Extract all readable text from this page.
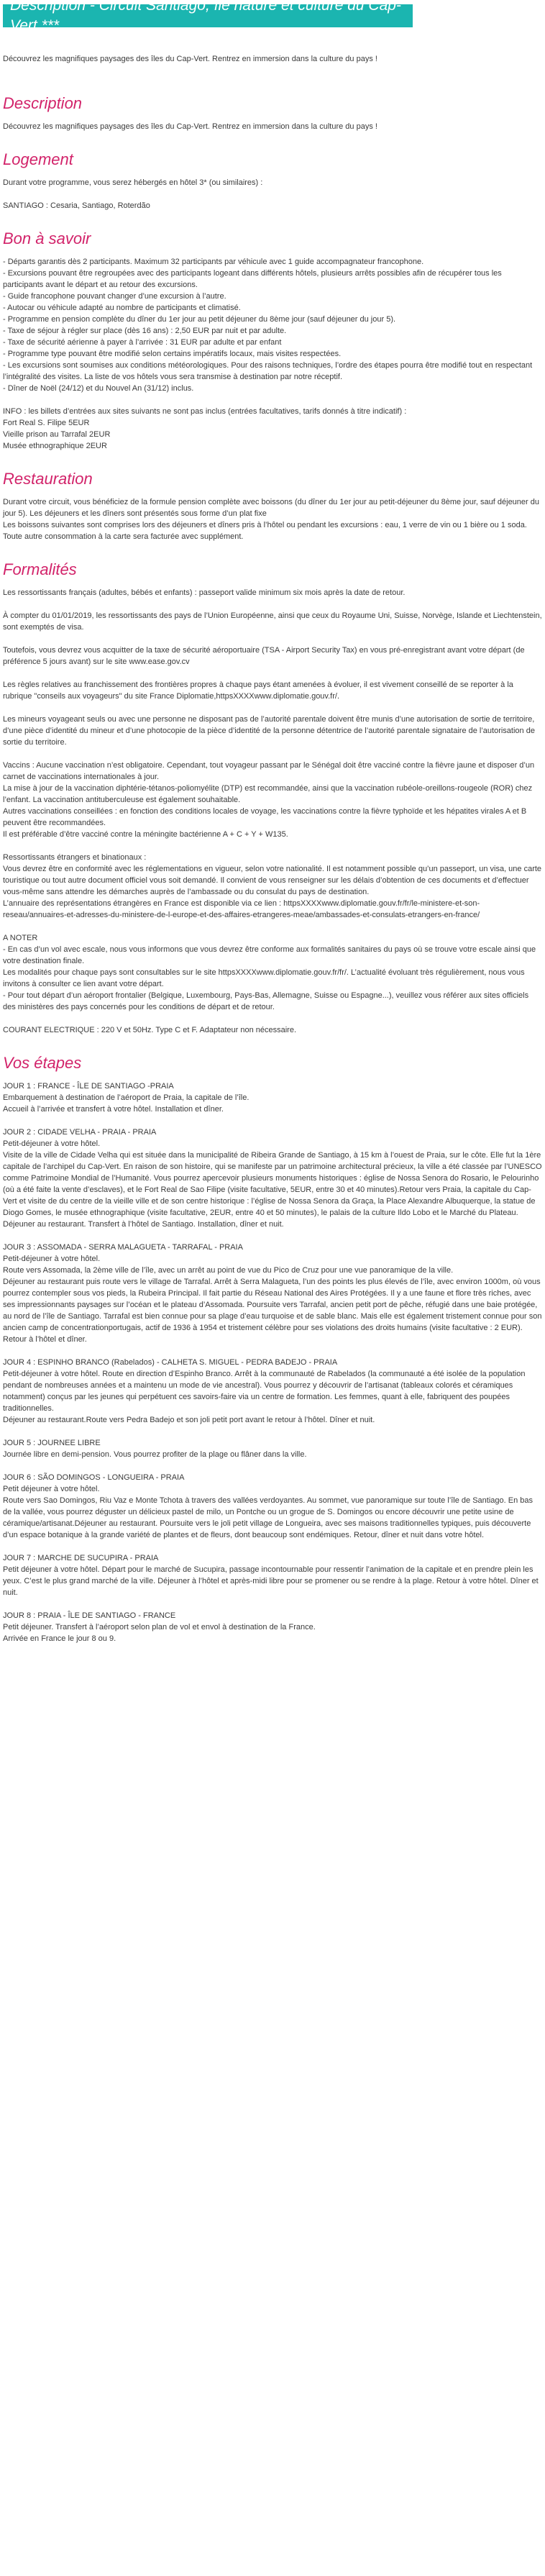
Description - Circuit Santiago, île nature et culture du Cap-Vert ***

Découvrez les magnifiques paysages des îles du Cap-Vert. Rentrez en immersion dans la culture du pays !

Description

Découvrez les magnifiques paysages des îles du Cap-Vert. Rentrez en immersion dans la culture du pays !

Logement

Durant votre programme, vous serez hébergés en hôtel 3* (ou similaires) :

SANTIAGO : Cesaria, Santiago, Roterdão

Bon à savoir

- Départs garantis dès 2 participants. Maximum 32 participants par véhicule avec 1 guide accompagnateur francophone.

- Excursions pouvant être regroupées avec des participants logeant dans différents hôtels, plusieurs arrêts possibles afin de récupérer tous les participants avant le départ et au retour des excursions.

- Guide francophone pouvant changer d’une excursion à l’autre.

- Autocar ou véhicule adapté au nombre de participants et climatisé.

- Programme en pension complète du dîner du 1er jour au petit déjeuner du 8ème jour (sauf déjeuner du jour 5).

- Taxe de séjour à régler sur place (dès 16 ans) : 2,50 EUR par nuit et par adulte.

- Taxe de sécurité aérienne à payer à l’arrivée : 31 EUR par adulte et par enfant

- Programme type pouvant être modifié selon certains impératifs locaux, mais visites respectées.

- Les excursions sont soumises aux conditions météorologiques. Pour des raisons techniques, l’ordre des étapes pourra être modifié tout en respectant l’intégralité des visites. La liste de vos hôtels vous sera transmise à destination par notre réceptif.

- Dîner de Noël (24/12) et du Nouvel An (31/12) inclus.

INFO : les billets d’entrées aux sites suivants ne sont pas inclus (entrées facultatives, tarifs donnés à titre indicatif) :

Fort Real S. Filipe 5EUR

Vieille prison au Tarrafal 2EUR

Musée ethnographique 2EUR

Restauration

Durant votre circuit, vous bénéficiez de la formule pension complète avec boissons (du dîner du 1er jour au petit-déjeuner du 8ème jour, sauf déjeuner du jour 5). Les déjeuners et les dîners sont présentés sous forme d’un plat fixe

Les boissons suivantes sont comprises lors des déjeuners et dîners pris à l’hôtel ou pendant les excursions : eau, 1 verre de vin ou 1 bière ou 1 soda. Toute autre consommation à la carte sera facturée avec supplément.

Formalités

Les ressortissants français (adultes, bébés et enfants) : passeport valide minimum six mois après la date de retour.

À compter du 01/01/2019, les ressortissants des pays de l’Union Européenne, ainsi que ceux du Royaume Uni, Suisse, Norvège, Islande et Liechtenstein, sont exemptés de visa.

Toutefois, vous devrez vous acquitter de la taxe de sécurité aéroportuaire (TSA - Airport Security Tax) en vous pré-enregistrant avant votre départ (de préférence 5 jours avant) sur le site www.ease.gov.cv

Les règles relatives au franchissement des frontières propres à chaque pays étant amenées à évoluer, il est vivement conseillé de se reporter à la rubrique "conseils aux voyageurs" du site France Diplomatie,httpsXXXXwww.diplomatie.gouv.fr/.

Les mineurs voyageant seuls ou avec une personne ne disposant pas de l’autorité parentale doivent être munis d’une autorisation de sortie de territoire, d’une pièce d’identité du mineur et d’une photocopie de la pièce d’identité de la personne détentrice de l’autorité parentale signataire de l’autorisation de sortie du territoire.

Vaccins : Aucune vaccination n’est obligatoire. Cependant, tout voyageur passant par le Sénégal doit être vacciné contre la fièvre jaune et disposer d’un carnet de vaccinations internationales à jour.

La mise à jour de la vaccination diphtérie-tétanos-poliomyélite (DTP) est recommandée, ainsi que la vaccination rubéole-oreillons-rougeole (ROR) chez l’enfant. La vaccination antituberculeuse est également souhaitable.

Autres vaccinations conseillées : en fonction des conditions locales de voyage, les vaccinations contre la fièvre typhoïde et les hépatites virales A et B peuvent être recommandées.

Il est préférable d’être vacciné contre la méningite bactérienne A + C + Y + W135.

Ressortissants étrangers et binationaux :

Vous devrez être en conformité avec les réglementations en vigueur, selon votre nationalité. Il est notamment possible qu’un passeport, un visa, une carte touristique ou tout autre document officiel vous soit demandé. Il convient de vous renseigner sur les délais d’obtention de ces documents et d’effectuer vous-même sans attendre les démarches auprès de l’ambassade ou du consulat du pays de destination.

L’annuaire des représentations étrangères en France est disponible via ce lien : httpsXXXXwww.diplomatie.gouv.fr/fr/le-ministere-et-son-reseau/annuaires-et-adresses-du-ministere-de-l-europe-et-des-affaires-etrangeres-meae/ambassades-et-consulats-etrangers-en-france/

A NOTER

- En cas d’un vol avec escale, nous vous informons que vous devrez être conforme aux formalités sanitaires du pays où se trouve votre escale ainsi que votre destination finale.

Les modalités pour chaque pays sont consultables sur le site httpsXXXXwww.diplomatie.gouv.fr/fr/. L’actualité évoluant très régulièrement, nous vous invitons à consulter ce lien avant votre départ.

- Pour tout départ d’un aéroport frontalier (Belgique, Luxembourg, Pays-Bas, Allemagne, Suisse ou Espagne...), veuillez vous référer aux sites officiels des ministères des pays concernés pour les conditions de départ et de retour.

COURANT ELECTRIQUE : 220 V et 50Hz. Type C et F. Adaptateur non nécessaire.

Vos étapes

JOUR 1 : FRANCE - ÎLE DE SANTIAGO -PRAIA

Embarquement à destination de l’aéroport de Praia, la capitale de l’île.

Accueil à l’arrivée et transfert à votre hôtel. Installation et dîner.

JOUR 2 : CIDADE VELHA - PRAIA - PRAIA

Petit-déjeuner à votre hôtel.

Visite de la ville de Cidade Velha qui est située dans la municipalité de Ribeira Grande de Santiago, à 15 km à l’ouest de Praia, sur le côte. Elle fut la 1ère capitale de l’archipel du Cap-Vert. En raison de son histoire, qui se manifeste par un patrimoine architectural précieux, la ville a été classée par l’UNESCO comme Patrimoine Mondial de l’Humanité. Vous pourrez apercevoir plusieurs monuments historiques : église de Nossa Senora do Rosario, le Pelourinho (où a été faite la vente d’esclaves), et le Fort Real de Sao Filipe (visite facultative, 5EUR, entre 30 et 40 minutes).Retour vers Praia, la capitale du Cap-Vert et visite de du centre de la vieille ville et de son centre historique : l’église de Nossa Senora da Graça, la Place Alexandre Albuquerque, la statue de Diogo Gomes, le musée ethnographique (visite facultative, 2EUR, entre 40 et 50 minutes), le palais de la culture Ildo Lobo et le Marché du Plateau.

Déjeuner au restaurant. Transfert à l’hôtel de Santiago. Installation, dîner et nuit.

JOUR 3 : ASSOMADA - SERRA MALAGUETA - TARRAFAL - PRAIA

Petit-déjeuner à votre hôtel.

Route vers Assomada, la 2ème ville de l’île, avec un arrêt au point de vue du Pico de Cruz pour une vue panoramique de la ville.

Déjeuner au restaurant puis route vers le village de Tarrafal. Arrêt à Serra Malagueta, l’un des points les plus élevés de l’île, avec environ 1000m, où vous pourrez contempler sous vos pieds, la Rubeira Principal. Il fait partie du Réseau National des Aires Protégées. Il y a une faune et flore très riches, avec ses impressionnants paysages sur l’océan et le plateau d’Assomada. Poursuite vers Tarrafal, ancien petit port de pêche, réfugié dans une baie protégée, au nord de l’île de Santiago. Tarrafal est bien connue pour sa plage d’eau turquoise et de sable blanc. Mais elle est également tristement connue pour son ancien camp de concentrationportugais, actif de 1936 à 1954 et tristement célèbre pour ses violations des droits humains (visite facultative : 2 EUR). Retour à l’hôtel et dîner.

JOUR 4 : ESPINHO BRANCO (Rabelados) - CALHETA S. MIGUEL - PEDRA BADEJO - PRAIA

Petit-déjeuner à votre hôtel. Route en direction d’Espinho Branco. Arrêt à la communauté de Rabelados (la communauté a été isolée de la population pendant de nombreuses années et a maintenu un mode de vie ancestral). Vous pourrez y découvrir de l’artisanat (tableaux colorés et céramiques notamment) conçus par les jeunes qui perpétuent ces savoirs-faire via un centre de formation. Les femmes, quant à elle, fabriquent des poupées traditionnelles.

Déjeuner au restaurant.Route vers Pedra Badejo et son joli petit port avant le retour à l’hôtel. Dîner et nuit.

JOUR 5 : JOURNEE LIBRE

Journée libre en demi-pension. Vous pourrez profiter de la plage ou flâner dans la ville.

JOUR 6 : SÃO DOMINGOS - LONGUEIRA - PRAIA

Petit déjeuner à votre hôtel.

Route vers Sao Domingos, Riu Vaz e Monte Tchota à travers des vallées verdoyantes. Au sommet, vue panoramique sur toute l’île de Santiago. En bas de la vallée, vous pourrez déguster un délicieux pastel de milo, un Pontche ou un grogue de S. Domingos ou encore découvrir une petite usine de céramique/artisanat.Déjeuner au restaurant. Poursuite vers le joli petit village de Longueira, avec ses maisons traditionnelles typiques, puis découverte d’un espace botanique à la grande variété de plantes et de fleurs, dont beaucoup sont endémiques. Retour, dîner et nuit dans votre hôtel.

JOUR 7 : MARCHE DE SUCUPIRA - PRAIA

Petit déjeuner à votre hôtel. Départ pour le marché de Sucupira, passage incontournable pour ressentir l’animation de la capitale et en prendre plein les yeux. C’est le plus grand marché de la ville. Déjeuner à l’hôtel et après-midi libre pour se promener ou se rendre à la plage. Retour à votre hôtel. Dîner et nuit.

JOUR 8 : PRAIA - ÎLE DE SANTIAGO - FRANCE

Petit déjeuner. Transfert à l’aéroport selon plan de vol et envol à destination de la France.

Arrivée en France le jour 8 ou 9.
